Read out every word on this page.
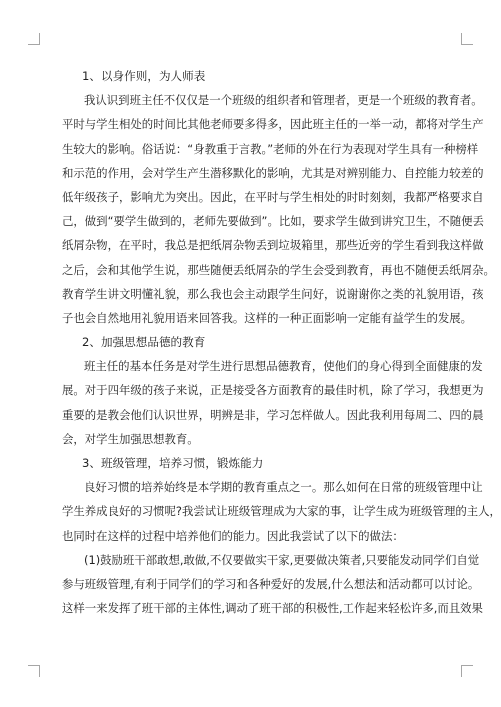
1、以身作则，为人师表
我认识到班主任不仅仅是一个班级的组织者和管理者，更是一个班级的教育者。
平时与学生相处的时间比其他老师要多得多，因此班主任的一举一动，都将对学生产
生较大的影响。俗话说：“身教重于言教。”老师的外在行为表现对学生具有一种榜样
和示范的作用，会对学生产生潜移默化的影响，尤其是对辨别能力、自控能力较差的
低年级孩子，影响尤为突出。因此，在平时与学生相处的时时刻刻，我都严格要求自
己，做到“要学生做到的，老师先要做到”。比如，要求学生做到讲究卫生，不随便丢
纸屑杂物，在平时，我总是把纸屑杂物丢到垃圾箱里，那些近旁的学生看到我这样做
之后，会和其他学生说，那些随便丢纸屑杂的学生会受到教育，再也不随便丢纸屑杂。
教育学生讲文明懂礼貌，那么我也会主动跟学生问好，说谢谢你之类的礼貌用语，孩
子也会自然地用礼貌用语来回答我。这样的一种正面影响一定能有益学生的发展。
2、加强思想品德的教育
班主任的基本任务是对学生进行思想品德教育，使他们的身心得到全面健康的发
展。对于四年级的孩子来说，正是接受各方面教育的最佳时机，除了学习，我想更为
重要的是教会他们认识世界，明辨是非，学习怎样做人。因此我利用每周二、四的晨
会，对学生加强思想教育。
3、班级管理，培养习惯，锻炼能力
良好习惯的培养始终是本学期的教育重点之一。那么如何在日常的班级管理中让
学生养成良好的习惯呢?我尝试让班级管理成为大家的事，让学生成为班级管理的主人，
也同时在这样的过程中培养他们的能力。因此我尝试了以下的做法：
(1)鼓励班干部敢想,敢做,不仅要做实干家,更要做决策者,只要能发动同学们自觉
参与班级管理,有利于同学们的学习和各种爱好的发展,什么想法和活动都可以讨论。
这样一来发挥了班干部的主体性,调动了班干部的积极性,工作起来轻松许多,而且效果
